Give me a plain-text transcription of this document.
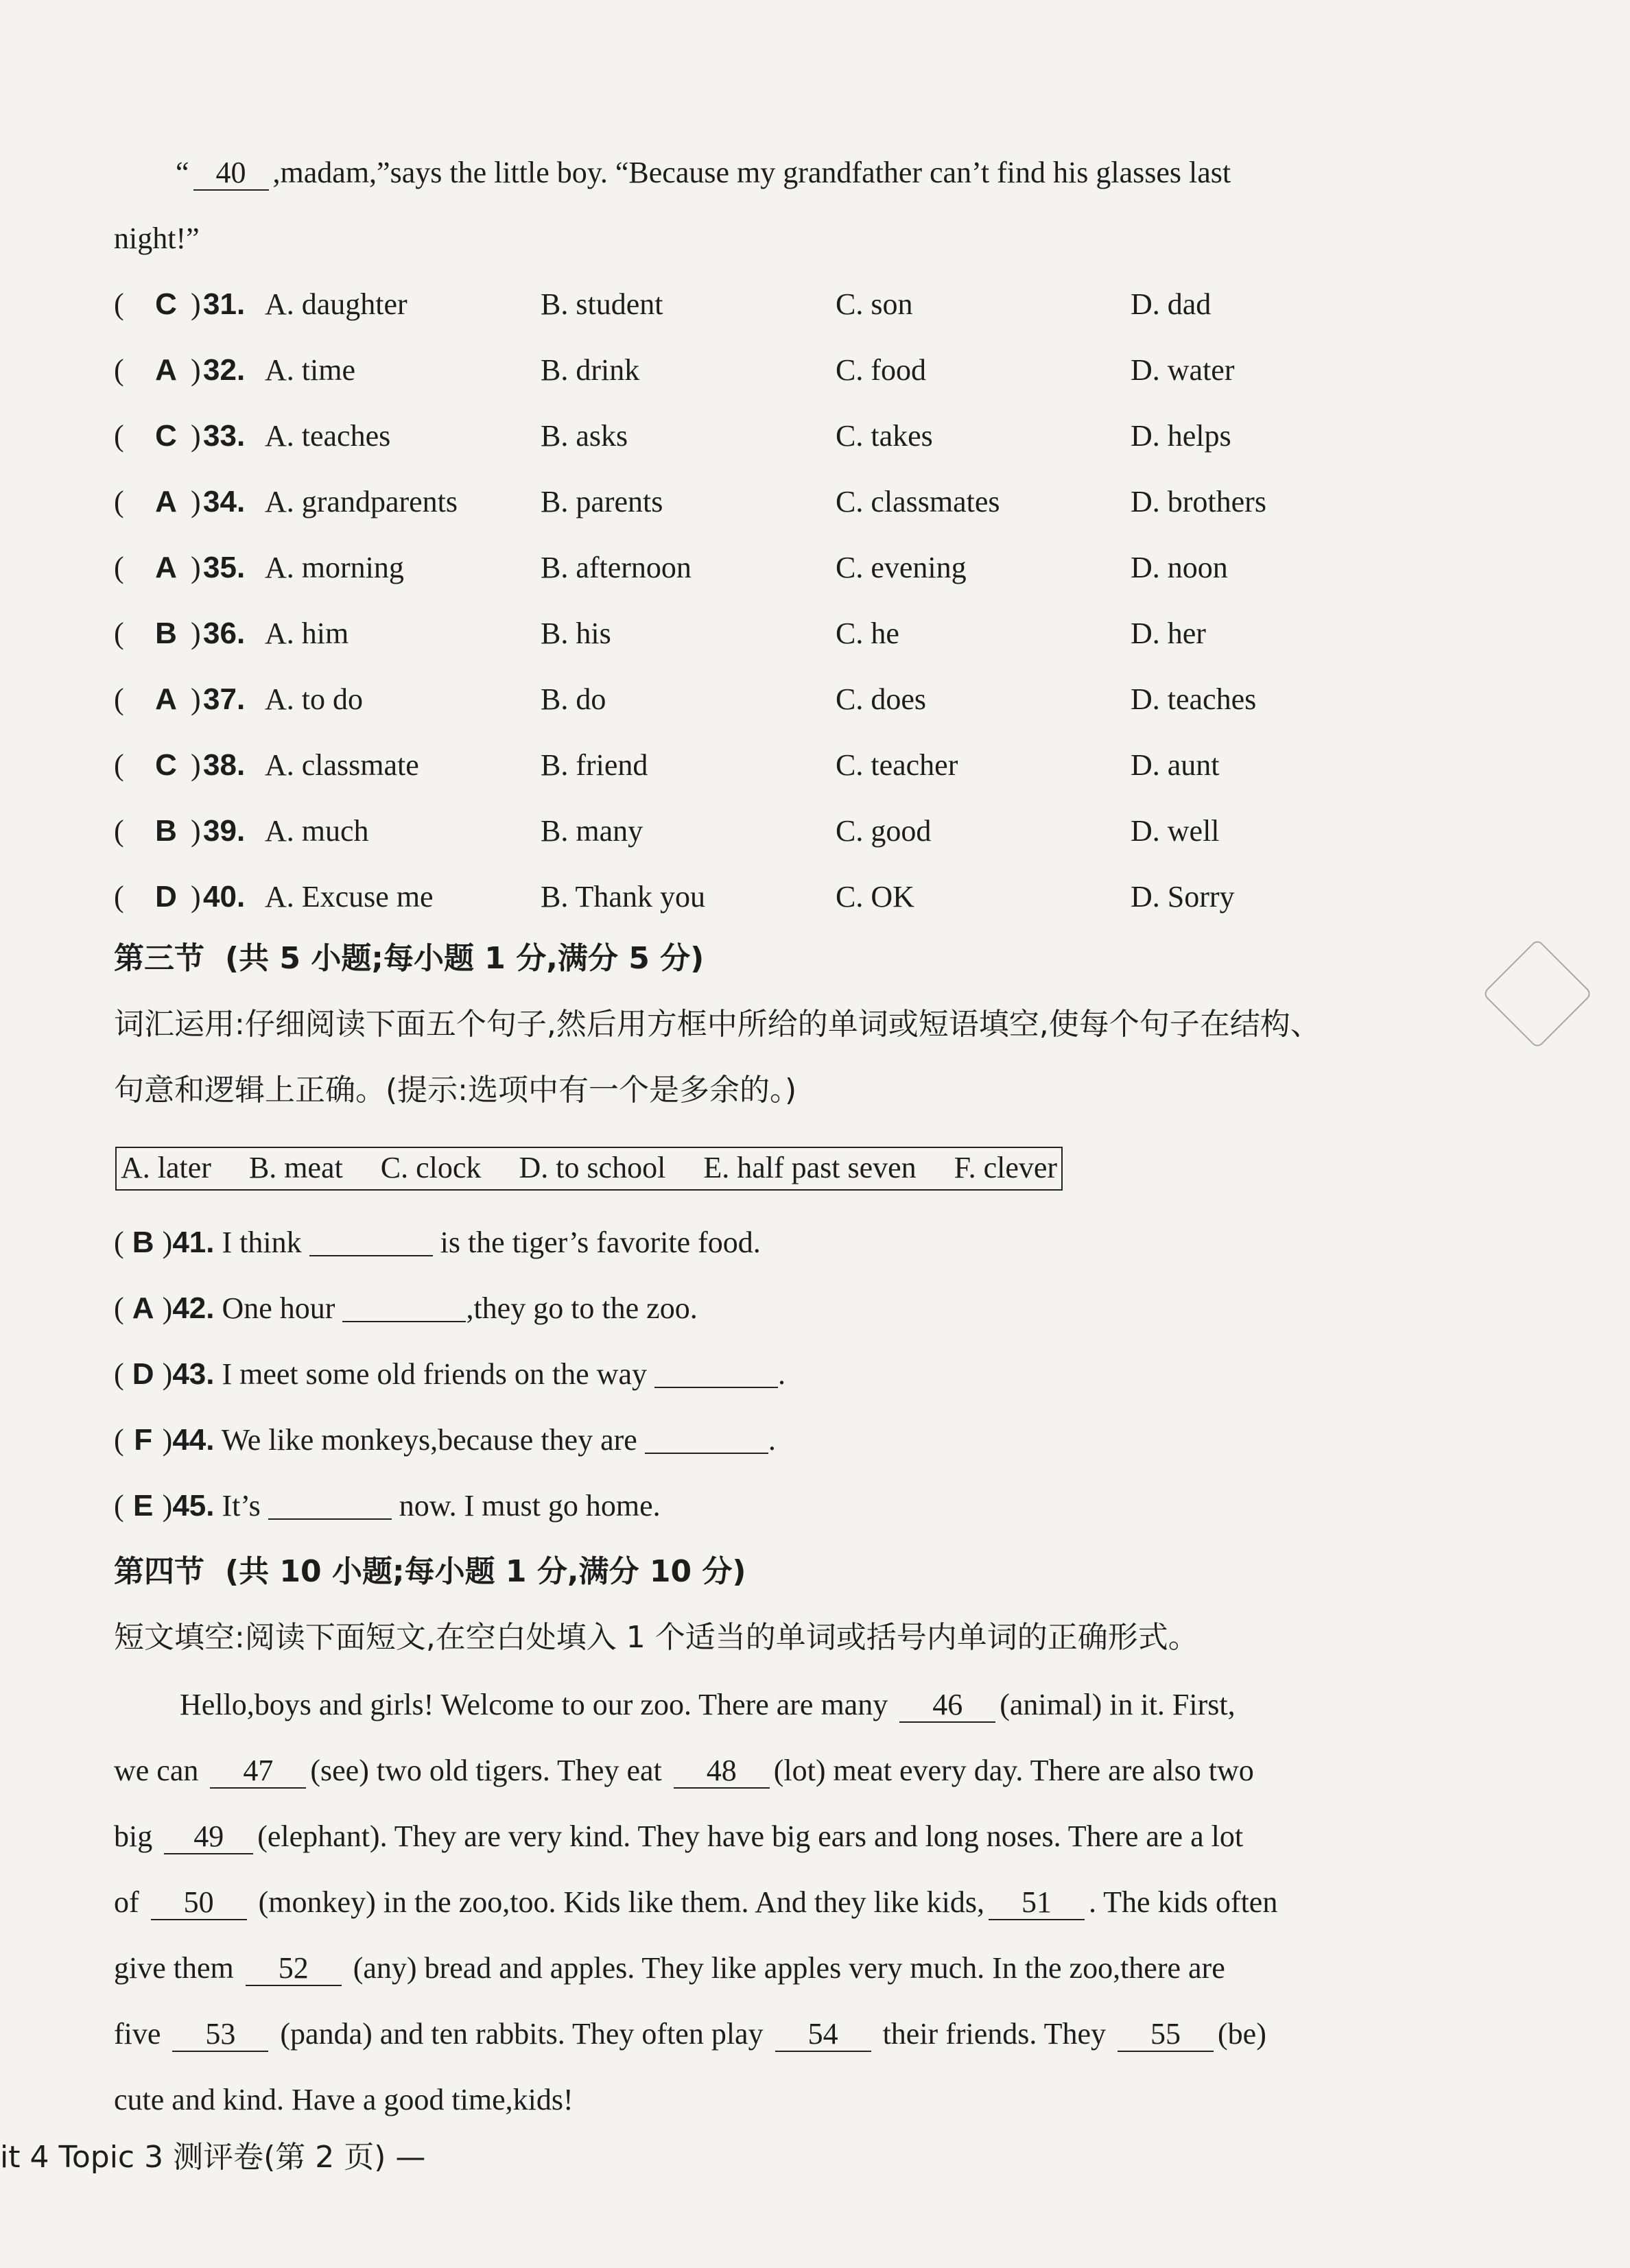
“ 40 ,madam,”says the little boy. “Because my grandfather can’t find his glasses last
night!”
( C ) 31. A. daughter	B. student	C. son	D. dad
( A ) 32. A. time	B. drink	C. food	D. water
( C ) 33. A. teaches	B. asks	C. takes	D. helps
( A ) 34. A. grandparents	B. parents	C. classmates	D. brothers
( A ) 35. A. morning	B. afternoon	C. evening	D. noon
( B ) 36. A. him	B. his	C. he	D. her
( A ) 37. A. to do	B. do	C. does	D. teaches
( C ) 38. A. classmate	B. friend	C. teacher	D. aunt
( B ) 39. A. much	B. many	C. good	D. well
( D ) 40. A. Excuse me	B. Thank you	C. OK	D. Sorry
第三节 (共 5 小题;每小题 1 分,满分 5 分)
词汇运用:仔细阅读下面五个句子,然后用方框中所给的单词或短语填空,使每个句子在结构、
句意和逻辑上正确。(提示:选项中有一个是多余的。)
A. later B. meat C. clock D. to school E. half past seven F. clever
( B )41. I think	is the tiger’s favorite food.
( A )42. One hour	,they go to the zoo.
( D )43. I meet some old friends on the way	.
( F )44. We like monkeys,because they are	.
( E )45. It’s	now. I must go home.
第四节 (共 10 小题;每小题 1 分,满分 10 分)
短文填空:阅读下面短文,在空白处填入 1 个适当的单词或括号内单词的正确形式。
Hello,boys and girls! Welcome to our zoo. There are many 46 (animal) in it. First,
we can 47 (see) two old tigers. They eat 48 (lot) meat every day. There are also two
big 49 (elephant). They are very kind. They have big ears and long noses. There are a lot
of 50 (monkey) in the zoo,too. Kids like them. And they like kids, 51 . The kids often
give them 52 (any) bread and apples. They like apples very much. In the zoo,there are
five 53 (panda) and ten rabbits. They often play 54 their friends. They 55 (be)
cute and kind. Have a good time,kids!
it 4 Topic 3 测评卷(第 2 页) —
